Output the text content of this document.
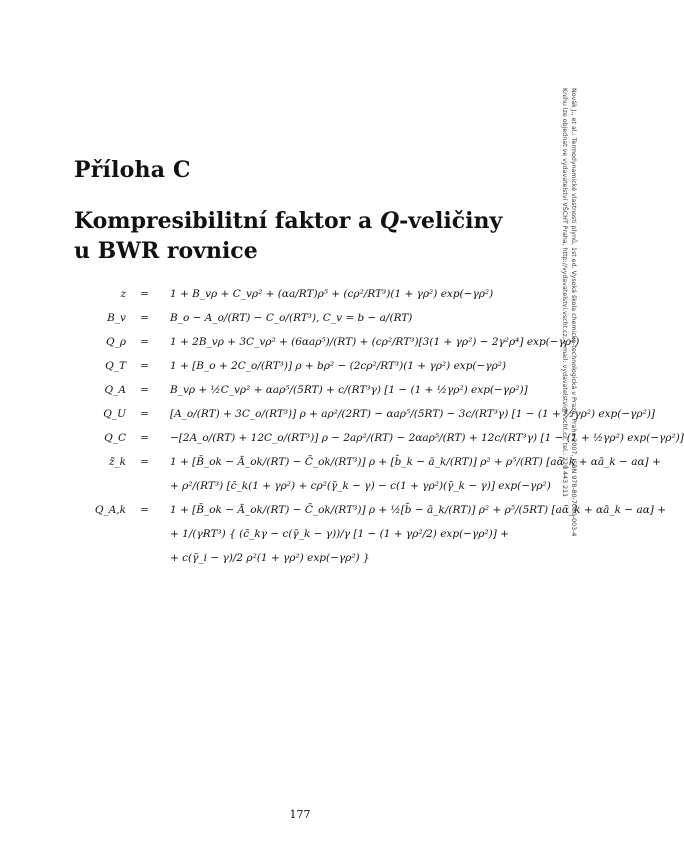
Novák J., et al.: Termodynamické vlastnosti plynů, 1st ed. Vysoká škola chemicko-technologická v Praze, Praha 2007, ISBN 978-80-7080-003-4
Knihu lze objednat ve vydavatelství VŠCHT Praha, http://vydavatelstvi.vscht.cz, e-mail: vydavatelstvi@vscht.cz, tel.: 220 443 211
Příloha C
Kompresibilitní faktor a Q-veličiny
u BWR rovnice
z = 1 + B_vρ + C_vρ² + (αa/RT)ρ⁵ + (cρ²/RT³)(1 + γρ²) exp(−γρ²)
B_v = B_o − A_o/(RT) − C_o/(RT³), C_v = b − a/(RT)
Q_ρ = 1 + 2B_vρ + 3C_vρ² + (6αaρ⁵)/(RT) + (cρ²/RT³)[3(1 + γρ²) − 2γ²ρ⁴] exp(−γρ²)
Q_T = 1 + [B_o + 2C_o/(RT³)] ρ + bρ² − (2cρ²/RT³)(1 + γρ²) exp(−γρ²)
Q_A = B_vρ + ½C_vρ² + αaρ⁵/(5RT) + c/(RT³γ) [1 − (1 + ½γρ²) exp(−γρ²)]
Q_U = [A_o/(RT) + 3C_o/(RT³)] ρ + aρ²/(2RT) − αaρ⁵/(5RT) − 3c/(RT³γ) [1 − (1 + ½γρ²) exp(−γρ²)]
Q_C = −[2A_o/(RT) + 12C_o/(RT³)] ρ − 2aρ²/(RT) − 2αaρ⁵/(RT) + 12c/(RT³γ) [1 − (1 + ½γρ²) exp(−γρ²)]
z̃_k = 1 + [B̄_ok − Ā_ok/(RT) − C̄_ok/(RT³)] ρ + [b̄_k − ā_k/(RT)] ρ² + ρ⁵/(RT) [aᾱ_k + αā_k − aα] +
+ ρ²/(RT³) [c̄_k(1 + γρ²) + cρ²(γ̄_k − γ) − c(1 + γρ²)(γ̄_k − γ)] exp(−γρ²)
Q_A,k = 1 + [B̄_ok − Ā_ok/(RT) − C̄_ok/(RT³)] ρ + ½[b̄ − ā_k/(RT)] ρ² + ρ⁵/(5RT) [aᾱ_k + αā_k − aα] +
+ 1/(γRT³) { (c̄_kγ − c(γ̄_k − γ))/γ [1 − (1 + γρ²/2) exp(−γρ²)] +
+ c(γ̄_i − γ)/2 ρ²(1 + γρ²) exp(−γρ²) }
177
